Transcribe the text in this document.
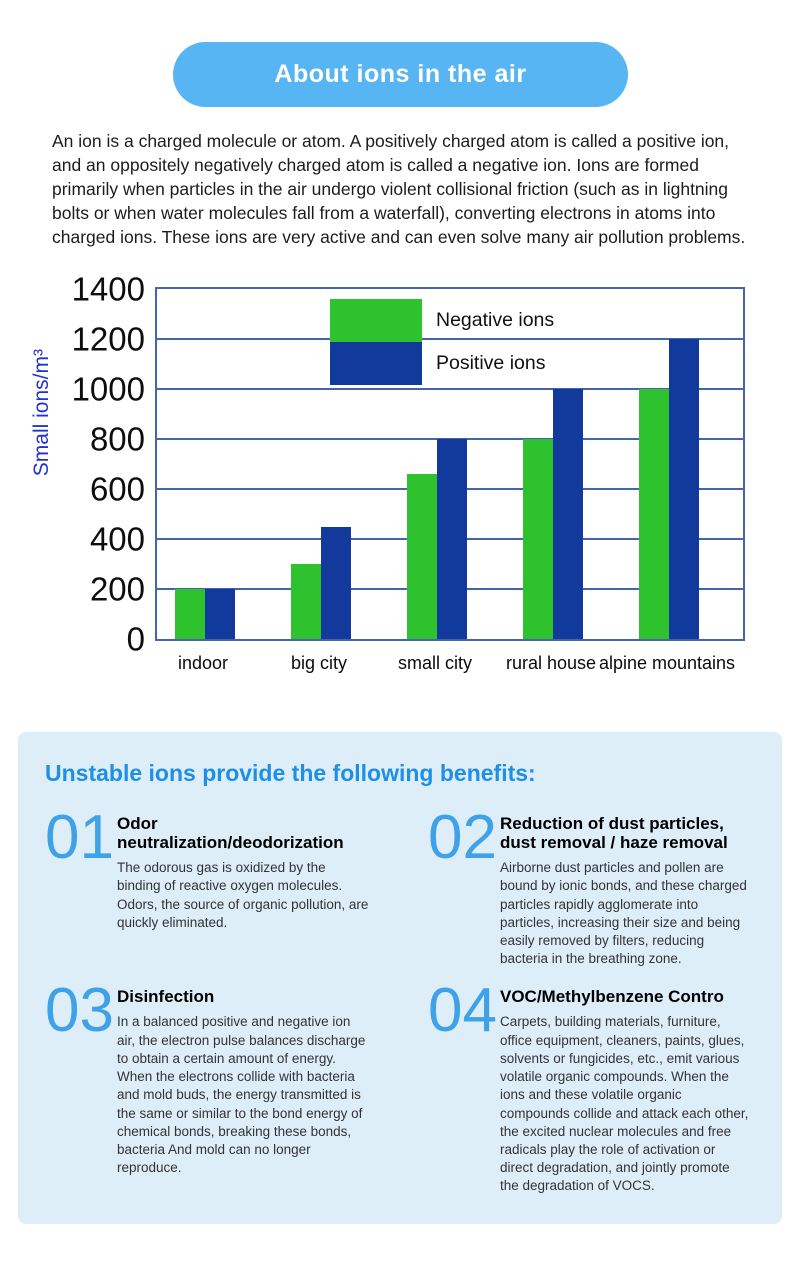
About ions in the air

An ion is a charged molecule or atom. A positively charged atom is called a positive ion, and an oppositely negatively charged atom is called a negative ion. Ions are formed primarily when particles in the air undergo violent collisional friction (such as in lightning bolts or when water molecules fall from a waterfall), converting electrons in atoms into charged ions. These ions are very active and can even solve many air pollution problems.

Small ions/m³
Negative ions
Positive ions
0
200
400
600
800
1000
1200
1400
indoor	big city	small city rural house alpine mountains
Unstable ions provide the following benefits:
01 Odor neutralization/deodorization
The odorous gas is oxidized by the binding of reactive oxygen molecules. Odors, the source of organic pollution, are quickly eliminated.
02 Reduction of dust particles, dust removal / haze removal
Airborne dust particles and pollen are bound by ionic bonds, and these charged particles rapidly agglomerate into particles, increasing their size and being easily removed by filters, reducing bacteria in the breathing zone.
03 Disinfection
In a balanced positive and negative ion air, the electron pulse balances discharge to obtain a certain amount of energy. When the electrons collide with bacteria and mold buds, the energy transmitted is the same or similar to the bond energy of chemical bonds, breaking these bonds, bacteria And mold can no longer reproduce.
04 VOC/Methylbenzene Contro
Carpets, building materials, furniture, office equipment, cleaners, paints, glues, solvents or fungicides, etc., emit various volatile organic compounds. When the ions and these volatile organic compounds collide and attack each other, the excited nuclear molecules and free radicals play the role of activation or direct degradation, and jointly promote the degradation of VOCS.
